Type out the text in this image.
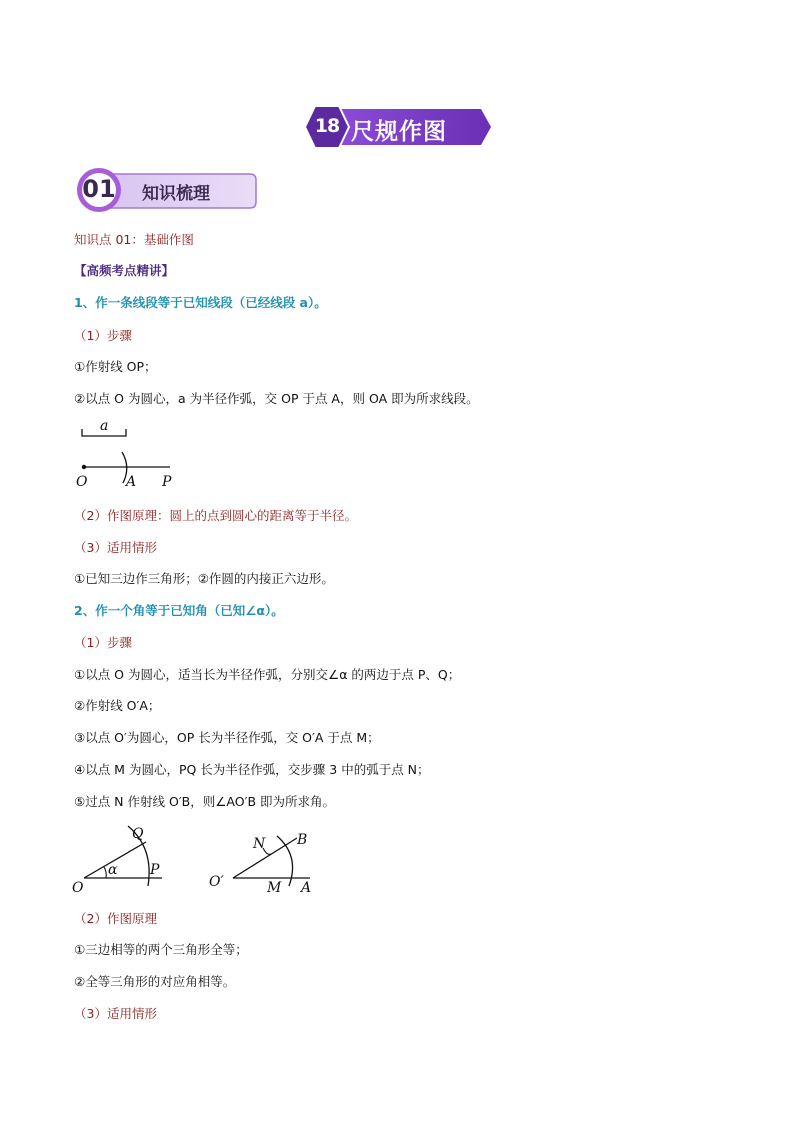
18 尺规作图
01 知识梳理
知识点 01：基础作图
【高频考点精讲】
1、作一条线段等于已知线段（已经线段 a）。
（1）步骤
①作射线 OP；
②以点 O 为圆心，a 为半径作弧，交 OP 于点 A，则 OA 即为所求线段。
a
O	A P
（2）作图原理：圆上的点到圆心的距离等于半径。
（3）适用情形
①已知三边作三角形；②作圆的内接正六边形。
2、作一个角等于已知角（已知∠α）。
（1）步骤
①以点 O 为圆心，适当长为半径作弧，分别交∠α 的两边于点 P、Q；
②作射线 O′A；
③以点 O′为圆心，OP 长为半径作弧，交 O′A 于点 M；
④以点 M 为圆心，PQ 长为半径作弧，交步骤 3 中的弧于点 N；
⑤过点 N 作射线 O′B，则∠AO′B 即为所求角。
Q
α
O
P
N B
O′	M A
（2）作图原理
①三边相等的两个三角形全等；
②全等三角形的对应角相等。
（3）适用情形
